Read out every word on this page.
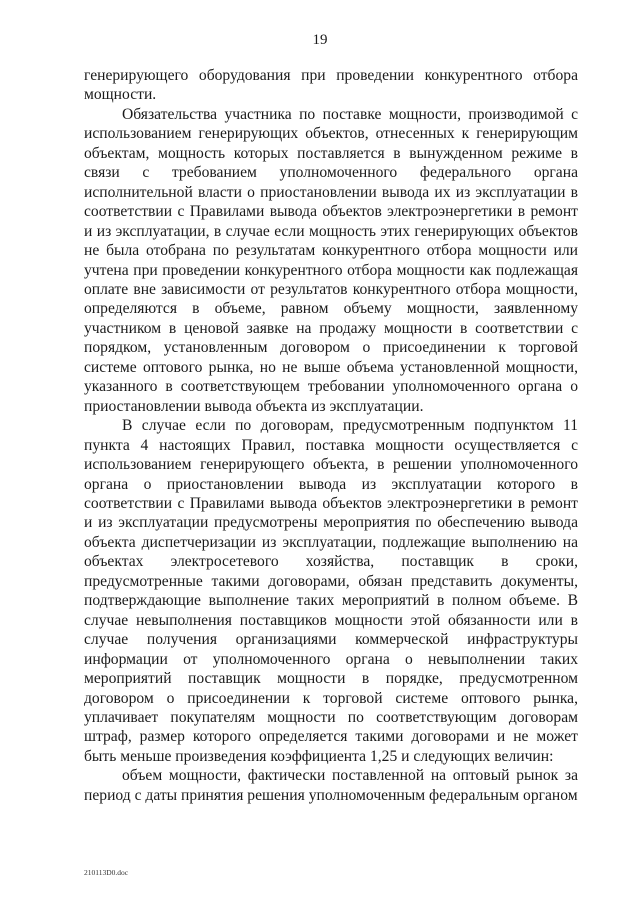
19

генерирующего оборудования при проведении конкурентного отбора мощности.

Обязательства участника по поставке мощности, производимой с использованием генерирующих объектов, отнесенных к генерирующим объектам, мощность которых поставляется в вынужденном режиме в связи с требованием уполномоченного федерального органа исполнительной власти о приостановлении вывода их из эксплуатации в соответствии с Правилами вывода объектов электроэнергетики в ремонт и из эксплуатации, в случае если мощность этих генерирующих объектов не была отобрана по результатам конкурентного отбора мощности или учтена при проведении конкурентного отбора мощности как подлежащая оплате вне зависимости от результатов конкурентного отбора мощности, определяются в объеме, равном объему мощности, заявленному участником в ценовой заявке на продажу мощности в соответствии с порядком, установленным договором о присоединении к торговой системе оптового рынка, но не выше объема установленной мощности, указанного в соответствующем требовании уполномоченного органа о приостановлении вывода объекта из эксплуатации.

В случае если по договорам, предусмотренным подпунктом 11 пункта 4 настоящих Правил, поставка мощности осуществляется с использованием генерирующего объекта, в решении уполномоченного органа о приостановлении вывода из эксплуатации которого в соответствии с Правилами вывода объектов электроэнергетики в ремонт и из эксплуатации предусмотрены мероприятия по обеспечению вывода объекта диспетчеризации из эксплуатации, подлежащие выполнению на объектах электросетевого хозяйства, поставщик в сроки, предусмотренные такими договорами, обязан представить документы, подтверждающие выполнение таких мероприятий в полном объеме. В случае невыполнения поставщиков мощности этой обязанности или в случае получения организациями коммерческой инфраструктуры информации от уполномоченного органа о невыполнении таких мероприятий поставщик мощности в порядке, предусмотренном договором о присоединении к торговой системе оптового рынка, уплачивает покупателям мощности по соответствующим договорам штраф, размер которого определяется такими договорами и не может быть меньше произведения коэффициента 1,25 и следующих величин:

объем мощности, фактически поставленной на оптовый рынок за период с даты принятия решения уполномоченным федеральным органом

210113D0.doc
